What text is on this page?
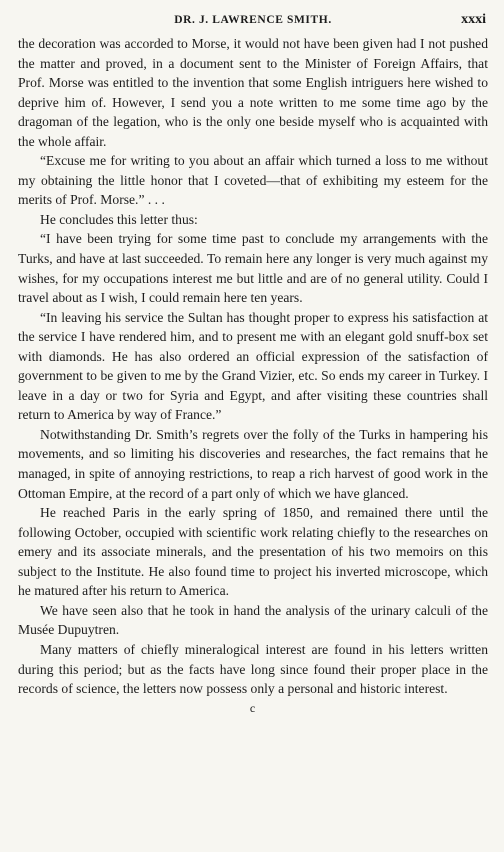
DR. J. LAWRENCE SMITH.	xxxi

the decoration was accorded to Morse, it would not have been given had I not pushed the matter and proved, in a document sent to the Minister of Foreign Affairs, that Prof. Morse was entitled to the invention that some English intriguers here wished to deprive him of. However, I send you a note written to me some time ago by the dragoman of the legation, who is the only one beside myself who is acquainted with the whole affair.

“Excuse me for writing to you about an affair which turned a loss to me without my obtaining the little honor that I coveted—that of exhibiting my esteem for the merits of Prof. Morse.” . . .

He concludes this letter thus:

“I have been trying for some time past to conclude my arrangements with the Turks, and have at last succeeded. To remain here any longer is very much against my wishes, for my occupations interest me but little and are of no general utility. Could I travel about as I wish, I could remain here ten years.

“In leaving his service the Sultan has thought proper to express his satisfaction at the service I have rendered him, and to present me with an elegant gold snuff-box set with diamonds. He has also ordered an official expression of the satisfaction of government to be given to me by the Grand Vizier, etc. So ends my career in Turkey. I leave in a day or two for Syria and Egypt, and after visiting these countries shall return to America by way of France.”

Notwithstanding Dr. Smith’s regrets over the folly of the Turks in hampering his movements, and so limiting his discoveries and researches, the fact remains that he managed, in spite of annoying restrictions, to reap a rich harvest of good work in the Ottoman Empire, at the record of a part only of which we have glanced.

He reached Paris in the early spring of 1850, and remained there until the following October, occupied with scientific work relating chiefly to the researches on emery and its associate minerals, and the presentation of his two memoirs on this subject to the Institute. He also found time to project his inverted microscope, which he matured after his return to America.

We have seen also that he took in hand the analysis of the urinary calculi of the Musée Dupuytren.

Many matters of chiefly mineralogical interest are found in his letters written during this period; but as the facts have long since found their proper place in the records of science, the letters now possess only a personal and historic interest.

c
